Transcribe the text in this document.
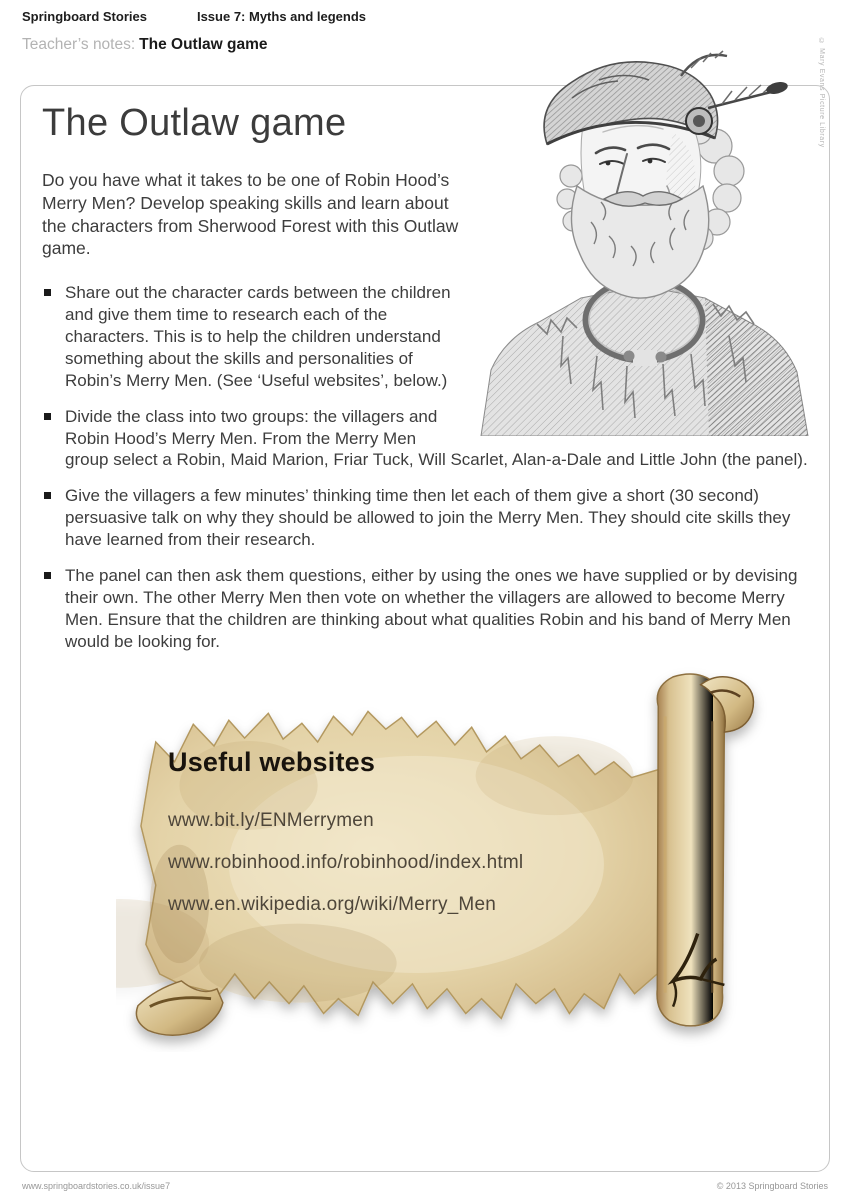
Springboard Stories	Issue 7: Myths and legends
Teacher’s notes: The Outlaw game	© Mary Evans Picture Library
The Outlaw game

Do you have what it takes to be one of Robin Hood’s Merry Men? Develop speaking skills and learn about the characters from Sherwood Forest with this Outlaw game.

Share out the character cards between the children and give them time to research each of the characters. This is to help the children understand something about the skills and personalities of Robin’s Merry Men. (See ‘Useful websites’, below.)
Divide the class into two groups: the villagers and Robin Hood’s Merry Men. From the Merry Men group select a Robin, Maid Marion, Friar Tuck, Will Scarlet, Alan-a-Dale and Little John (the panel).
Give the villagers a few minutes’ thinking time then let each of them give a short (30 second) persuasive talk on why they should be allowed to join the Merry Men. They should cite skills they have learned from their research.
The panel can then ask them questions, either by using the ones we have supplied or by devising their own. The other Merry Men then vote on whether the villagers are allowed to become Merry Men. Ensure that the children are thinking about what qualities Robin and his band of Merry Men would be looking for.
Useful websites
www.bit.ly/ENMerrymen
www.robinhood.info/robinhood/index.html
www.en.wikipedia.org/wiki/Merry_Men
www.springboardstories.co.uk/issue7	© 2013 Springboard Stories
